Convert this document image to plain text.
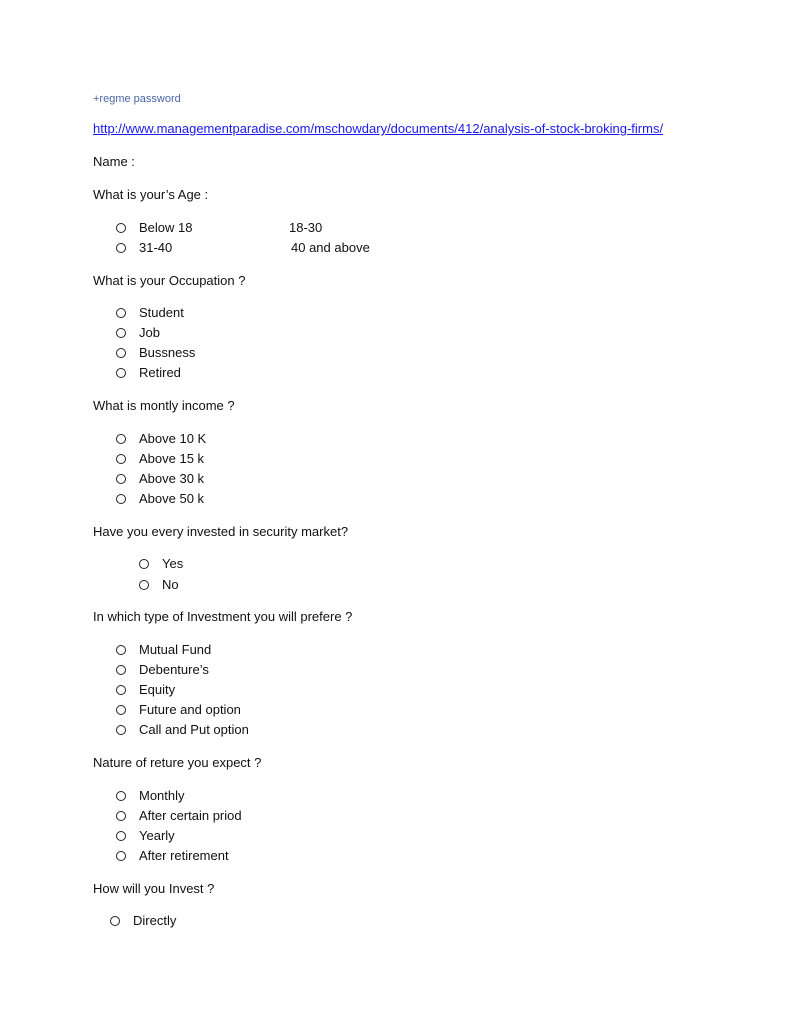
+regme password
http://www.managementparadise.com/mschowdary/documents/412/analysis-of-stock-broking-firms/
Name :
What is your’s Age :
Below 18	18-30
31-40	40 and above
What is your Occupation ?
Student
Job
Bussness
Retired
What is montly income ?
Above 10 K
Above 15 k
Above 30 k
Above 50 k
Have you every invested in security market?
Yes
No
In which type of Investment you will prefere ?
Mutual Fund
Debenture’s
Equity
Future and option
Call and Put option
Nature of reture you expect ?
Monthly
After certain priod
Yearly
After retirement
How will you Invest ?
Directly
